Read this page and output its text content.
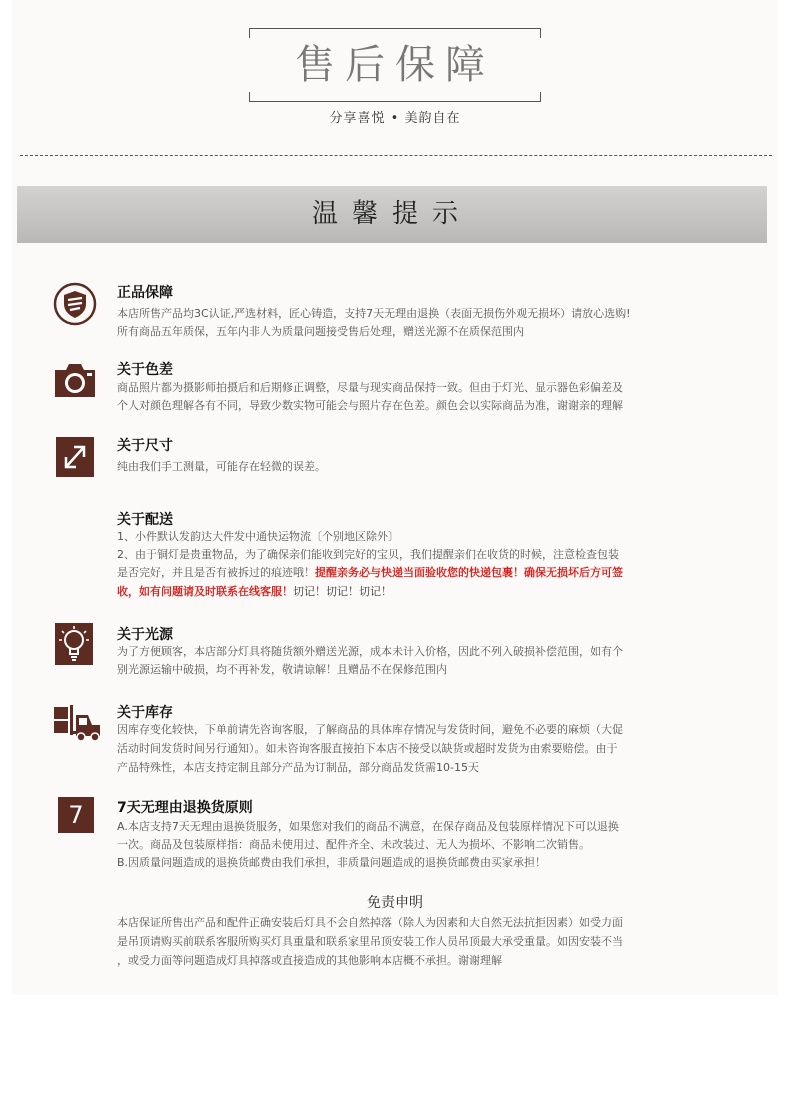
售后保障
分享喜悦 • 美韵自在
温馨提示
正品保障
本店所售产品均3C认证,严选材料，匠心铸造，支持7天无理由退换（表面无损伤外观无损坏）请放心选购!
所有商品五年质保，五年内非人为质量问题接受售后处理，赠送光源不在质保范围内
关于色差
商品照片都为摄影师拍摄后和后期修正调整，尽量与现实商品保持一致。但由于灯光、显示器色彩偏差及
个人对颜色理解各有不同，导致少数实物可能会与照片存在色差。颜色会以实际商品为准，谢谢亲的理解
关于尺寸
纯由我们手工测量，可能存在轻微的误差。
关于配送
1、小件默认发韵达大件发中通快运物流〔个别地区除外〕
2、由于铜灯是贵重物品，为了确保亲们能收到完好的宝贝，我们提醒亲们在收货的时候，注意检查包装
是否完好，并且是否有被拆过的痕迹哦！提醒亲务必与快递当面验收您的快递包裹！确保无损坏后方可签
收，如有问题请及时联系在线客服！切记！切记！切记！
关于光源
为了方便顾客，本店部分灯具将随货额外赠送光源，成本未计入价格，因此不列入破损补偿范围，如有个
别光源运输中破损，均不再补发，敬请谅解！且赠品不在保修范围内
关于库存
因库存变化较快，下单前请先咨询客服，了解商品的具体库存情况与发货时间，避免不必要的麻烦（大促
活动时间发货时间另行通知）。如未咨询客服直接拍下本店不接受以缺货或超时发货为由索要赔偿。由于
产品特殊性，本店支持定制且部分产品为订制品，部分商品发货需10-15天
7	7天无理由退换货原则
A.本店支持7天无理由退换货服务，如果您对我们的商品不满意，在保存商品及包装原样情况下可以退换
一次。商品及包装原样指：商品未使用过、配件齐全、未改装过、无人为损坏、不影响二次销售。
B.因质量问题造成的退换货邮费由我们承担，非质量问题造成的退换货邮费由买家承担！
免责申明
本店保证所售出产品和配件正确安装后灯具不会自然掉落（除人为因素和大自然无法抗拒因素）如受力面
是吊顶请购买前联系客服所购买灯具重量和联系家里吊顶安装工作人员吊顶最大承受重量。如因安装不当
，或受力面等问题造成灯具掉落或直接造成的其他影响本店概不承担。谢谢理解
